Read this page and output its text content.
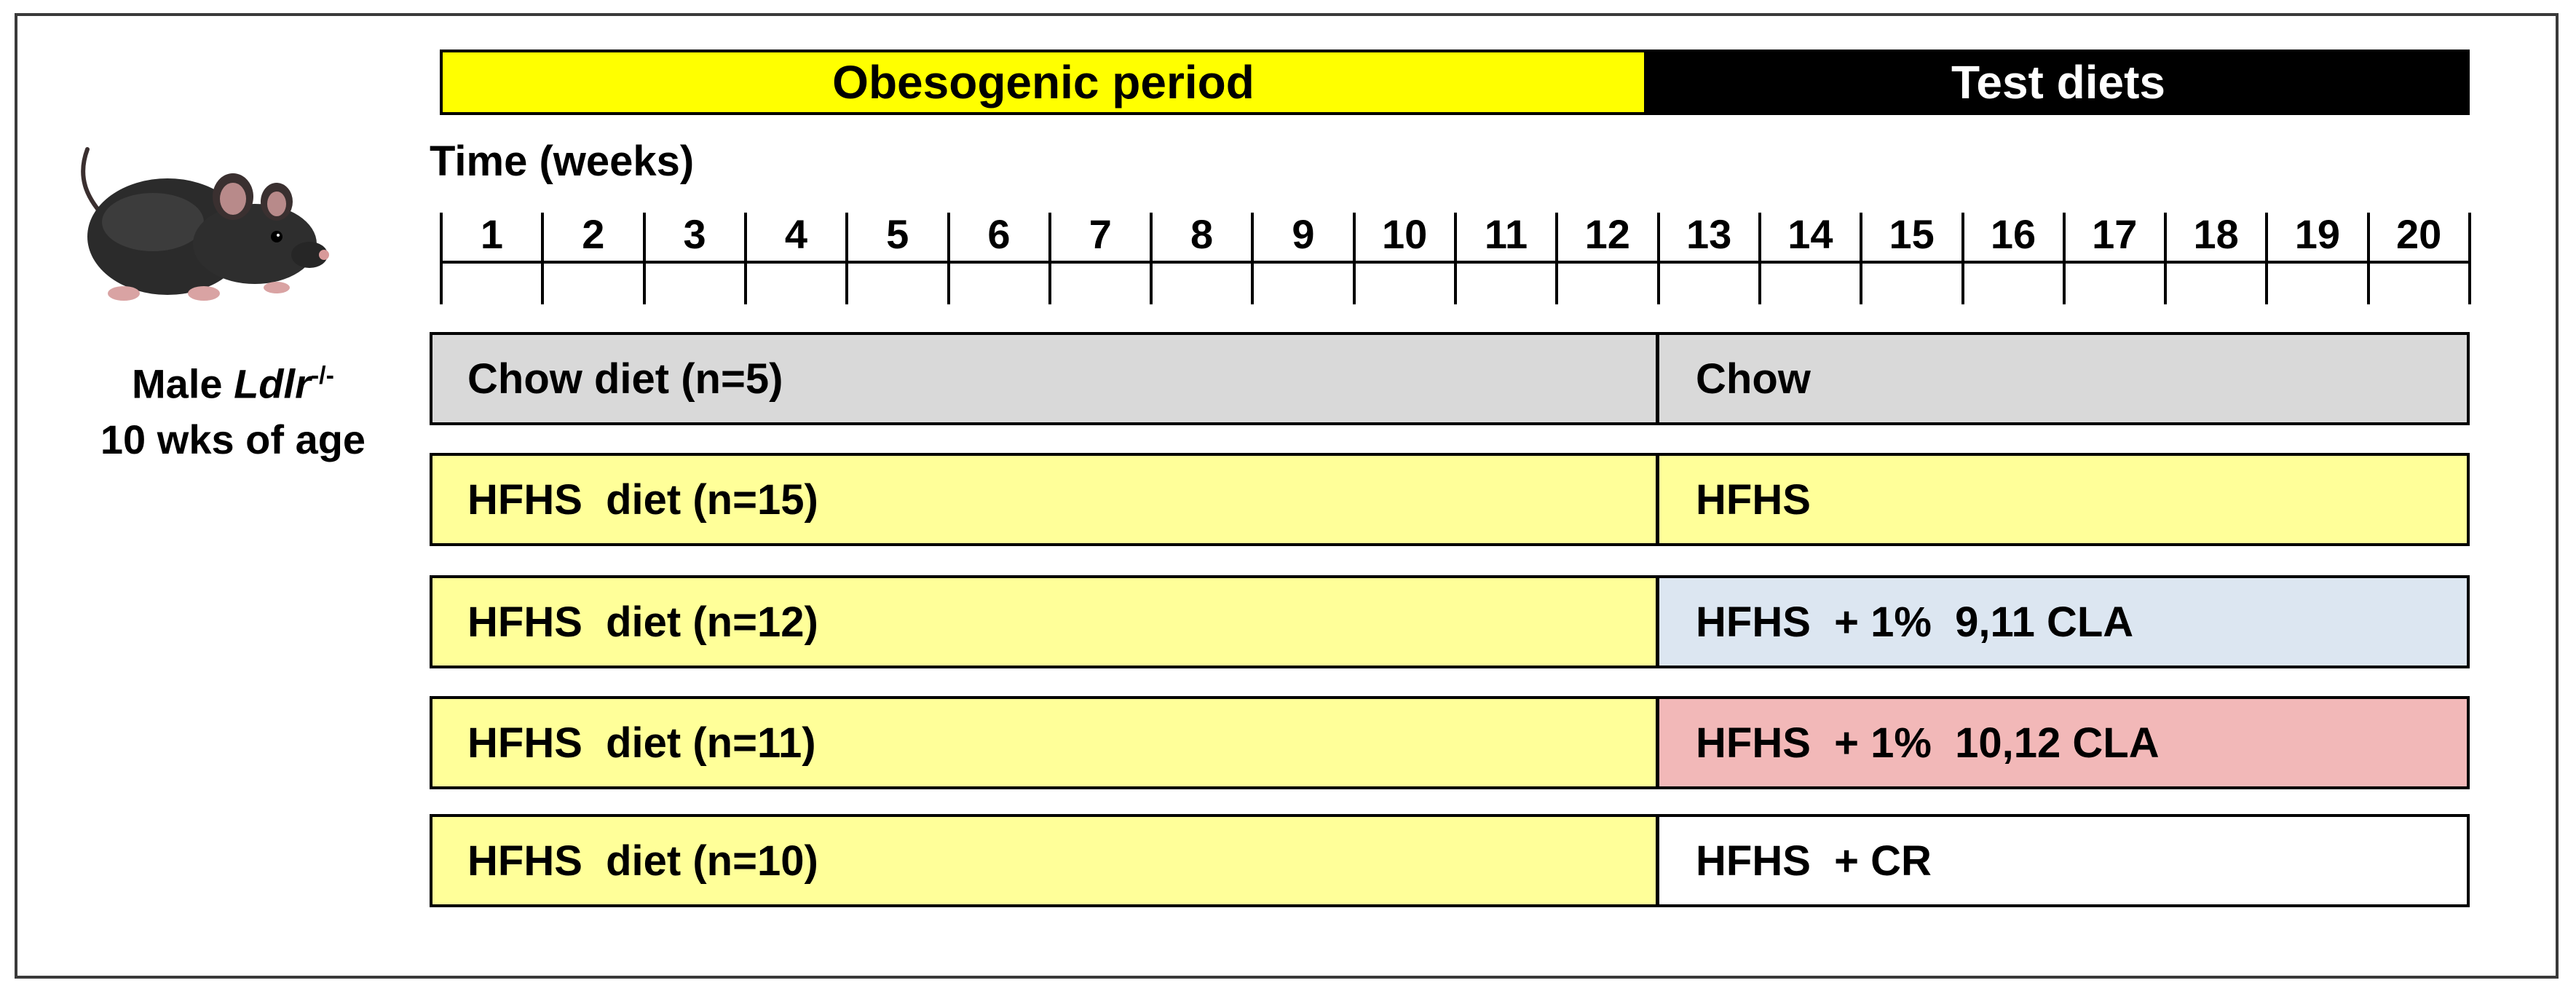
Obesogenic period	Test diets
Time (weeks)
1	2	3	4	5	6	7	8	9	10	11	12	13	14	15	16	17	18	19	20
Male Ldlr-/-
10 wks of age
Chow diet (n=5)	Chow
HFHS  diet (n=15)	HFHS
HFHS  diet (n=12)	HFHS  + 1%  9,11 CLA
HFHS  diet (n=11)	HFHS  + 1%  10,12 CLA
HFHS  diet (n=10)	HFHS  + CR
